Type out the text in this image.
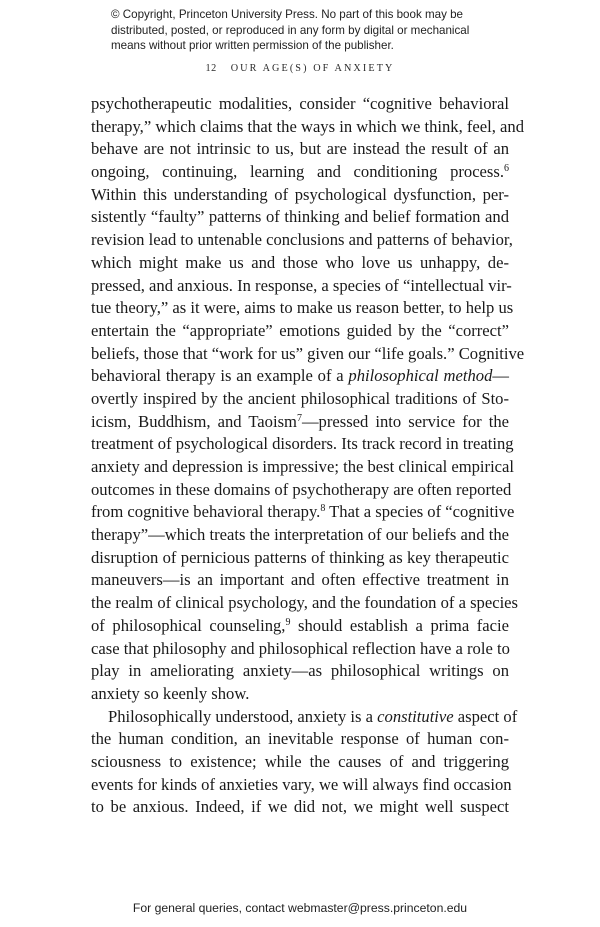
© Copyright, Princeton University Press. No part of this book may be
distributed, posted, or reproduced in any form by digital or mechanical
means without prior written permission of the publisher.
12 OUR AGE(S) OF ANXIETY
psychotherapeutic modalities, consider “cognitive behavioral
therapy,” which claims that the ways in which we think, feel, and
behave are not intrinsic to us, but are instead the result of an
ongoing, continuing, learning and conditioning process.$^6$
Within this understanding of psychological dysfunction, per-
sistently “faulty” patterns of thinking and belief formation and
revision lead to untenable conclusions and patterns of behavior,
which might make us and those who love us unhappy, de-
pressed, and anxious. In response, a species of “intellectual vir-
tue theory,” as it were, aims to make us reason better, to help us
entertain the “appropriate” emotions guided by the “correct”
beliefs, those that “work for us” given our “life goals.” Cognitive
behavioral therapy is an example of a philosophical method—
overtly inspired by the ancient philosophical traditions of Sto-
icism, Buddhism, and Taoism$^7$—pressed into service for the
treatment of psychological disorders. Its track record in treating
anxiety and depression is impressive; the best clinical empirical
outcomes in these domains of psychotherapy are often reported
from cognitive behavioral therapy.$^8$ That a species of “cognitive
therapy”—which treats the interpretation of our beliefs and the
disruption of pernicious patterns of thinking as key therapeutic
maneuvers—is an important and often effective treatment in
the realm of clinical psychology, and the foundation of a species
of philosophical counseling,$^9$ should establish a prima facie
case that philosophy and philosophical reflection have a role to
play in ameliorating anxiety—as philosophical writings on
anxiety so keenly show.
Philosophically understood, anxiety is a constitutive aspect of
the human condition, an inevitable response of human con-
sciousness to existence; while the causes of and triggering
events for kinds of anxieties vary, we will always find occasion
to be anxious. Indeed, if we did not, we might well suspect
For general queries, contact webmaster@press.princeton.edu
